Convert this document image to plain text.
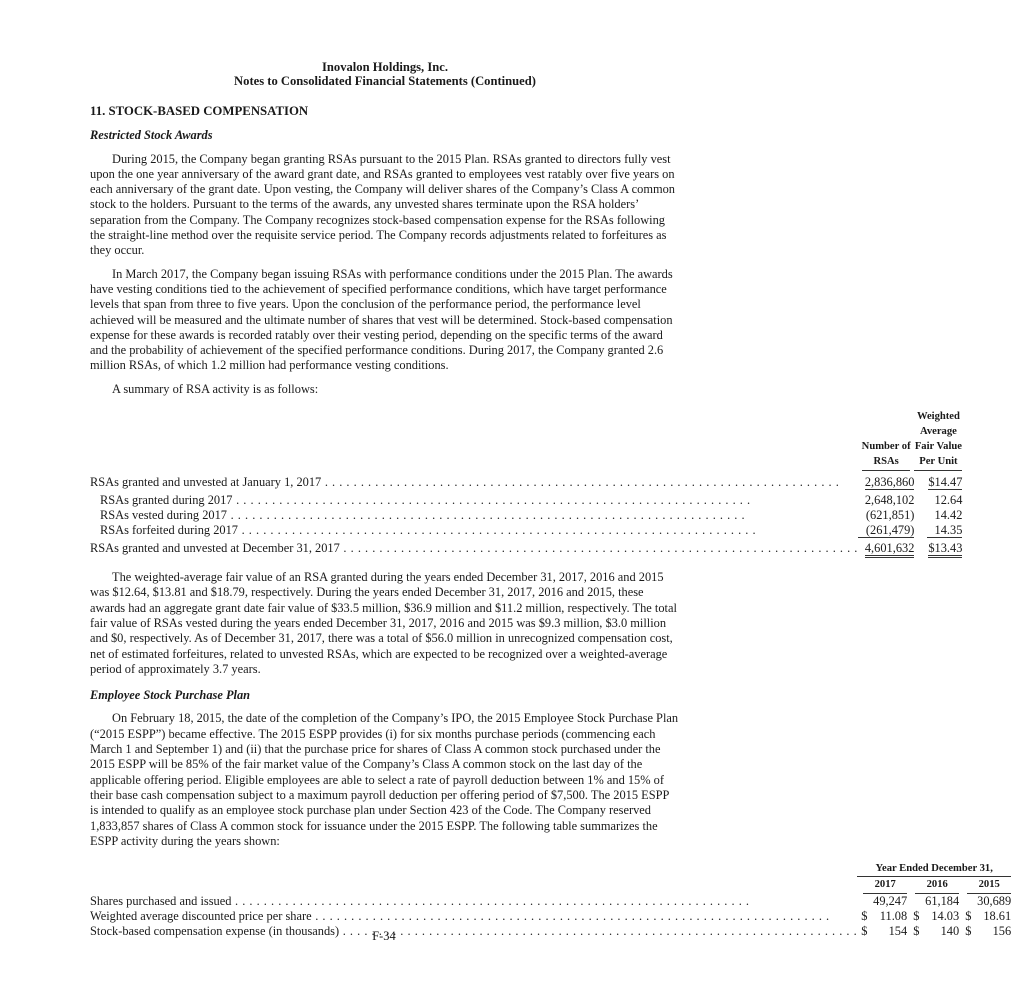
Inovalon Holdings, Inc.
Notes to Consolidated Financial Statements (Continued)
11. STOCK-BASED COMPENSATION
Restricted Stock Awards

During 2015, the Company began granting RSAs pursuant to the 2015 Plan. RSAs granted to directors fully vest upon the one year anniversary of the award grant date, and RSAs granted to employees vest ratably over five years on each anniversary of the grant date. Upon vesting, the Company will deliver shares of the Company’s Class A common stock to the holders. Pursuant to the terms of the awards, any unvested shares terminate upon the RSA holders’ separation from the Company. The Company recognizes stock-based compensation expense for the RSAs following the straight-line method over the requisite service period. The Company records adjustments related to forfeitures as they occur.

In March 2017, the Company began issuing RSAs with performance conditions under the 2015 Plan. The awards have vesting conditions tied to the achievement of specified performance conditions, which have target performance levels that span from three to five years. Upon the conclusion of the performance period, the performance level achieved will be measured and the ultimate number of shares that vest will be determined. Stock-based compensation expense for these awards is recorded ratably over their vesting period, depending on the specific terms of the award and the probability of achievement of the specified performance conditions. During 2017, the Company granted 2.6 million RSAs, of which 1.2 million had performance vesting conditions.

A summary of RSA activity is as follows:

Number of
RSAs

Weighted
Average
Fair Value
Per Unit

RSAs granted and unvested at January 1, 2017 . . .	2,836,860		$14.47

RSAs granted during 2017 . . .	2,648,102		12.64
RSAs vested during 2017 . . .	(621,851)		14.42
RSAs forfeited during 2017 . . .	(261,479)		14.35

RSAs granted and unvested at December 31, 2017 . . .	4,601,632		$13.43

The weighted-average fair value of an RSA granted during the years ended December 31, 2017, 2016 and 2015 was $12.64, $13.81 and $18.79, respectively. During the years ended December 31, 2017, 2016 and 2015, these awards had an aggregate grant date fair value of $33.5 million, $36.9 million and $11.2 million, respectively. The total fair value of RSAs vested during the years ended December 31, 2017, 2016 and 2015 was $9.3 million, $3.0 million and $0, respectively. As of December 31, 2017, there was a total of $56.0 million in unrecognized compensation cost, net of estimated forfeitures, related to unvested RSAs, which are expected to be recognized over a weighted-average period of approximately 3.7 years.

Employee Stock Purchase Plan

On February 18, 2015, the date of the completion of the Company’s IPO, the 2015 Employee Stock Purchase Plan (“2015 ESPP”) became effective. The 2015 ESPP provides (i) for six months purchase periods (commencing each March 1 and September 1) and (ii) that the purchase price for shares of Class A common stock purchased under the 2015 ESPP will be 85% of the fair market value of the Company’s Class A common stock on the last day of the applicable offering period. Eligible employees are able to select a rate of payroll deduction between 1% and 15% of their base cash compensation subject to a maximum payroll deduction per offering period of $7,500. The 2015 ESPP is intended to qualify as an employee stock purchase plan under Section 423 of the Code. The Company reserved 1,833,857 shares of Class A common stock for issuance under the 2015 ESPP. The following table summarizes the ESPP activity during the years shown:

	Year Ended December 31,		
	2017	2016	2015
Shares purchased and issued . . .	49,247	61,184	30,689
Weighted average discounted price per share . . .	$ 11.08	$ 14.03	$ 18.61

Stock-based compensation expense (in thousands) . . .	$ 154	$ 140	$ 156
F-34
